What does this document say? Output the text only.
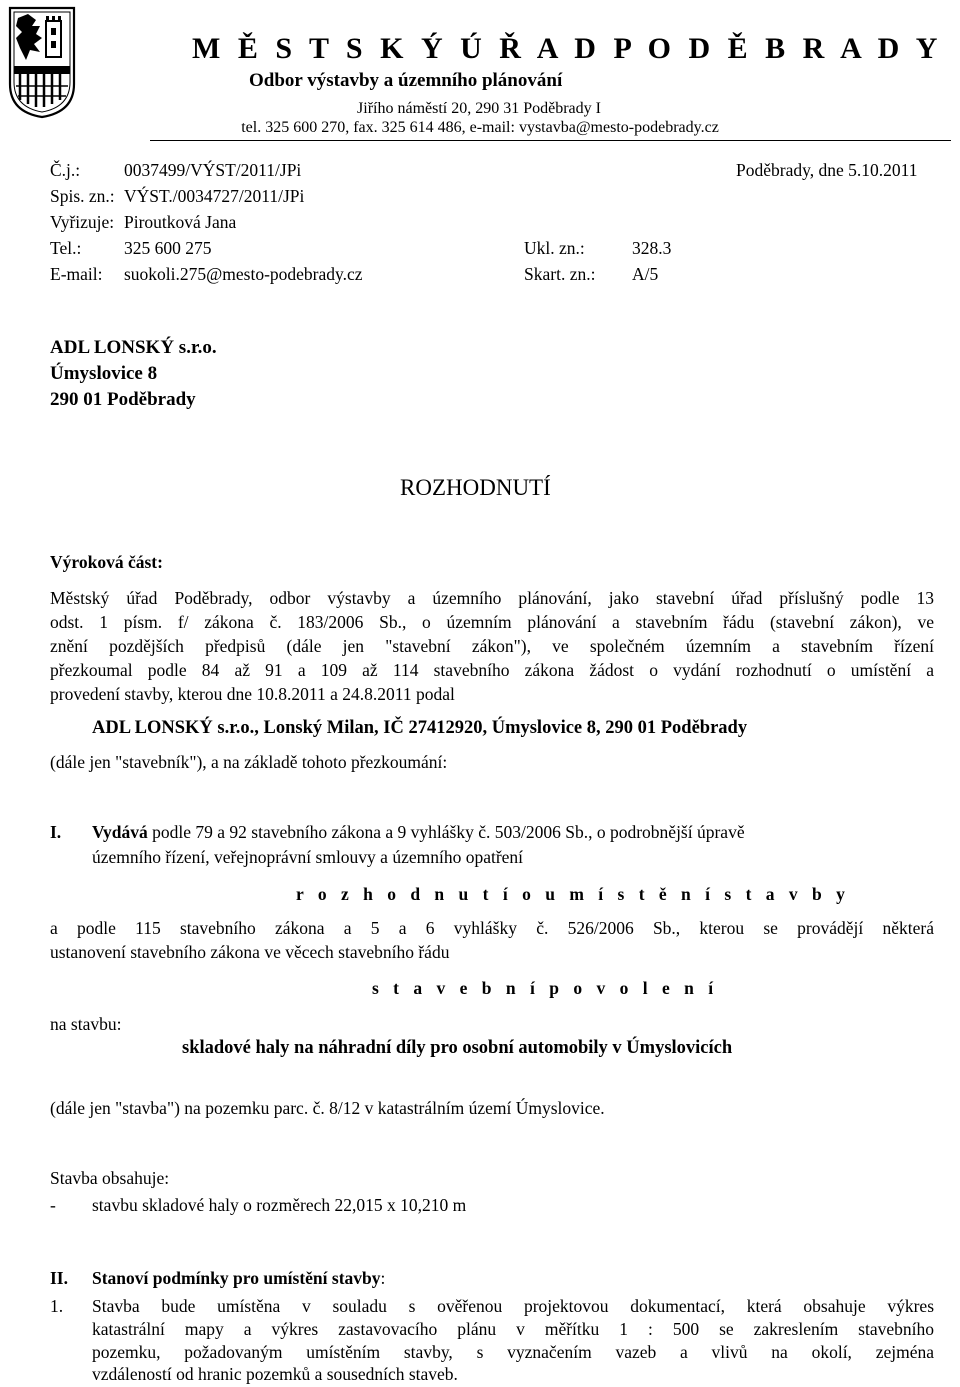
M Ě S T S K Ý Ú Ř A D P O D Ě B R A D Y
Odbor výstavby a územního plánování
Jiřího náměstí 20, 290 31 Poděbrady I
tel. 325 600 270, fax. 325 614 486, e-mail: vystavba@mesto-podebrady.cz
Č.j.:	0037499/VÝST/2011/JPi	Poděbrady, dne 5.10.2011
Spis. zn.: VÝST./0034727/2011/JPi
Vyřizuje: Piroutková Jana
Tel.: 325 600 275	Ukl. zn.:	328.3
E-mail: suokoli.275@mesto-podebrady.cz	Skart. zn.: A/5
ADL LONSKÝ s.r.o.
Úmyslovice 8
290 01 Poděbrady
ROZHODNUTÍ
Výroková část:
Městský úřad Poděbrady, odbor výstavby a územního plánování, jako stavební úřad příslušný podle 13
odst. 1 písm. f/ zákona č. 183/2006 Sb., o územním plánování a stavebním řádu (stavební zákon), ve
znění pozdějších předpisů (dále jen "stavební zákon"), ve společném územním a stavebním řízení
přezkoumal podle 84 až 91 a 109 až 114 stavebního zákona žádost o vydání rozhodnutí o umístění a
provedení stavby, kterou dne 10.8.2011 a 24.8.2011 podal
ADL LONSKÝ s.r.o., Lonský Milan, IČ 27412920, Úmyslovice 8, 290 01 Poděbrady
(dále jen "stavebník"), a na základě tohoto přezkoumání:
I. Vydává podle 79 a 92 stavebního zákona a 9 vyhlášky č. 503/2006 Sb., o podrobnější úpravě
územního řízení, veřejnoprávní smlouvy a územního opatření
r o z h o d n u t í o u m í s t ě n í s t a v b y
a podle 115 stavebního zákona a 5 a 6 vyhlášky č. 526/2006 Sb., kterou se provádějí některá
ustanovení stavebního zákona ve věcech stavebního řádu
s t a v e b n í p o v o l e n í
na stavbu:
skladové haly na náhradní díly pro osobní automobily v Úmyslovicích
(dále jen "stavba") na pozemku parc. č. 8/12 v katastrálním území Úmyslovice.
Stavba obsahuje:
- stavbu skladové haly o rozměrech 22,015 x 10,210 m
II. Stanoví podmínky pro umístění stavby:
1. Stavba bude umístěna v souladu s ověřenou projektovou dokumentací, která obsahuje výkres
katastrální mapy a výkres zastavovacího plánu v měřítku 1 : 500 se zakreslením stavebního
pozemku, požadovaným umístěním stavby, s vyznačením vazeb a vlivů na okolí, zejména
vzdáleností od hranic pozemků a sousedních staveb.
